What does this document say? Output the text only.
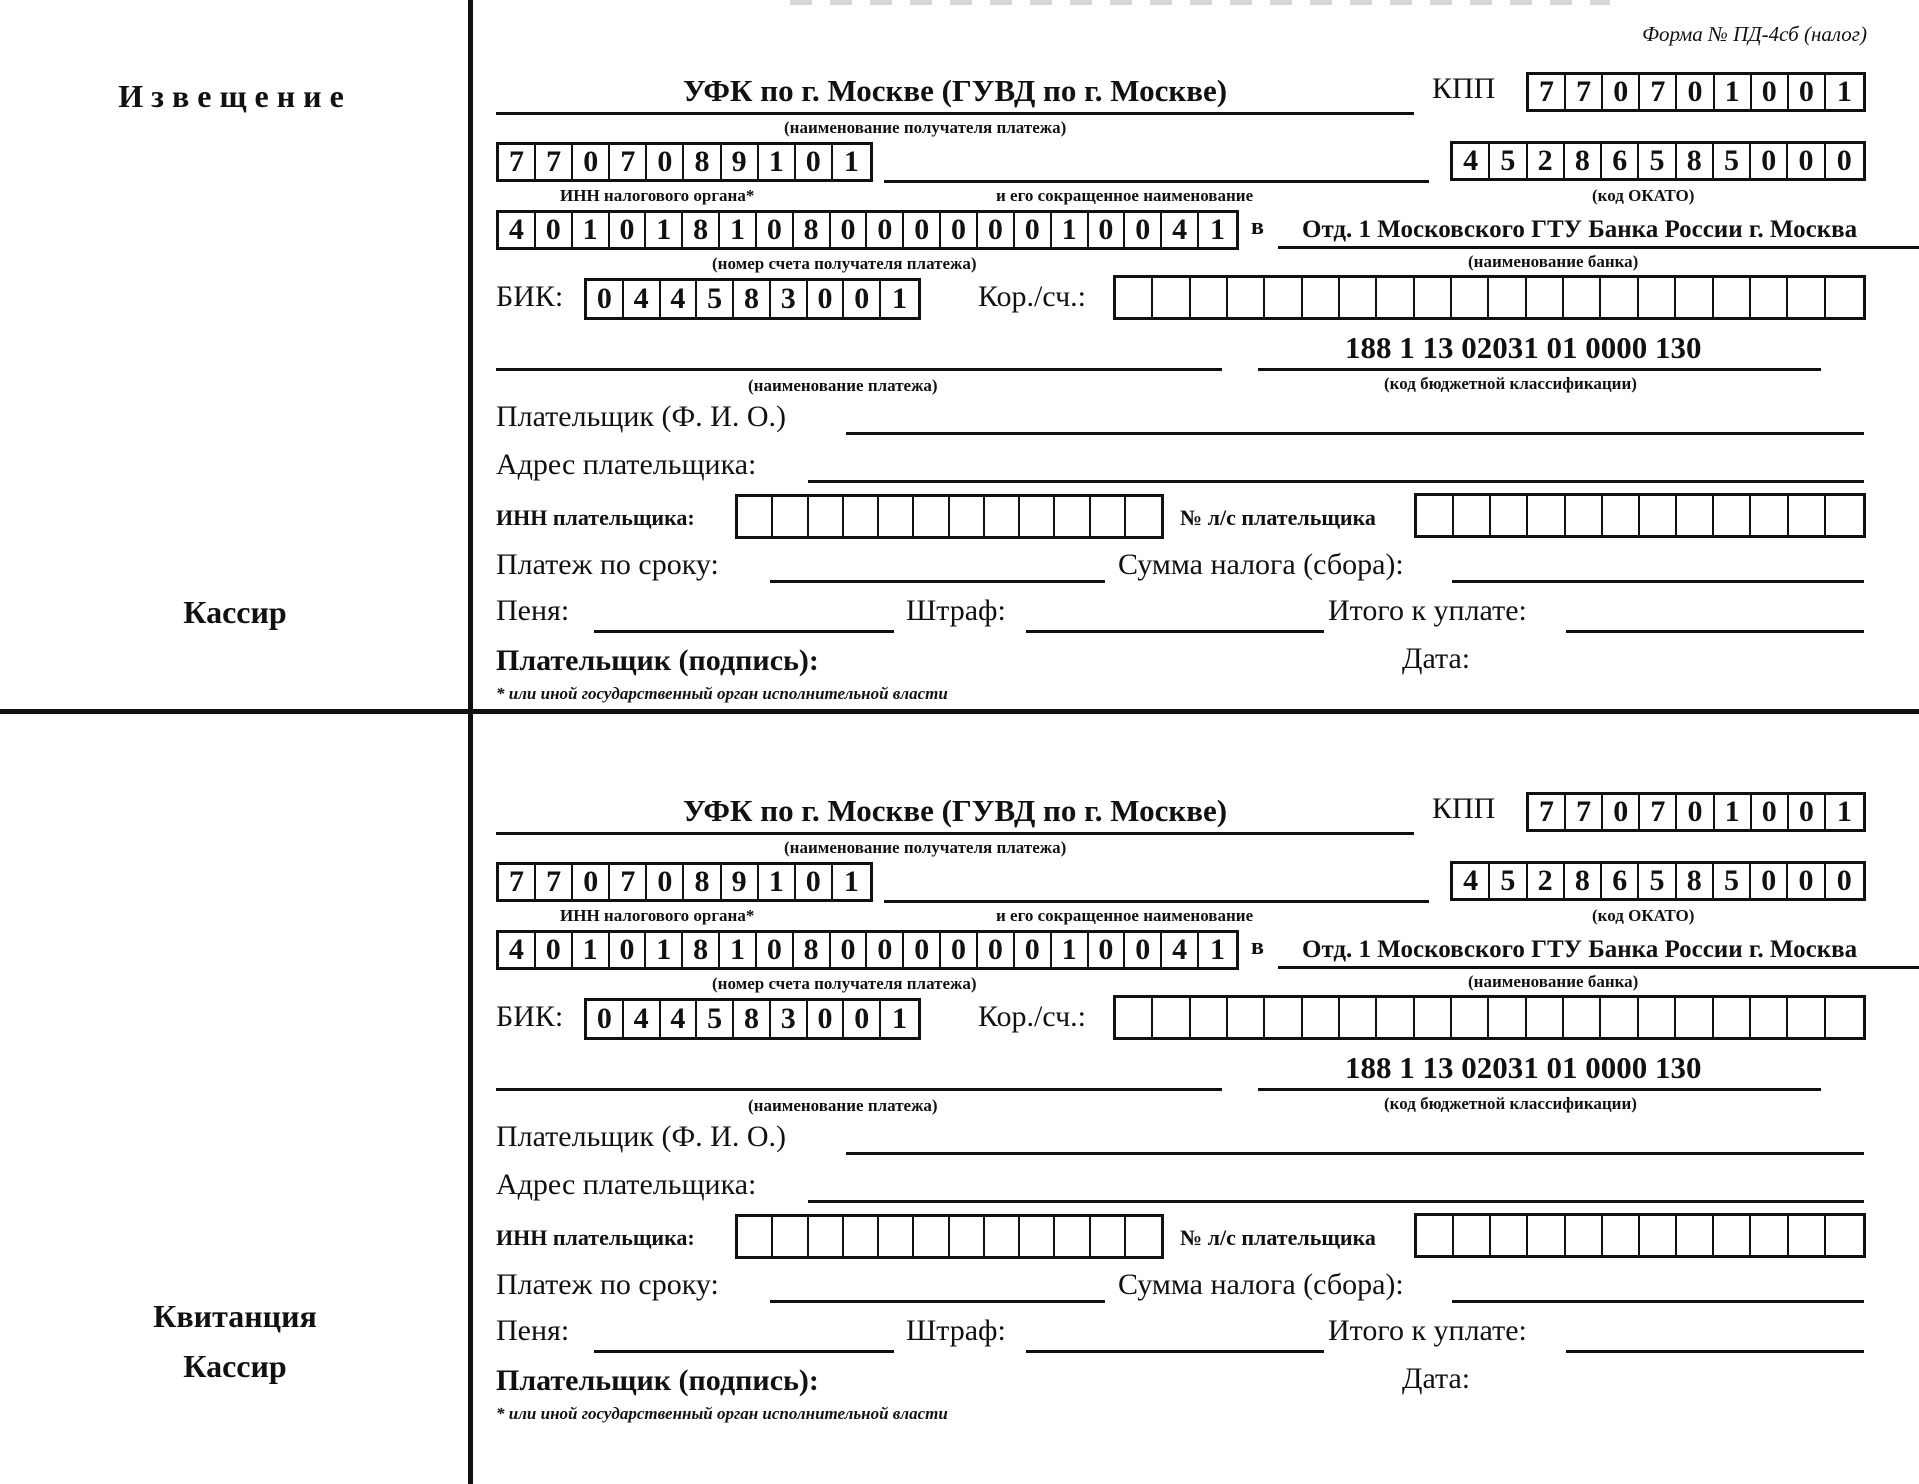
Извещение
Кассир
Квитанция
Кассир
Форма № ПД-4сб (налог)
УФК по г. Москве (ГУВД по г. Москве)	КПП	7 7 0 7 0 1 0 0 1
(наименование получателя платежа)
7 7 0 7 0 8 9 1 0 1	4 5 2 8 6 5 8 5 0 0 0
ИНН налогового органа*	и его сокращенное наименование	(код ОКАТО)
4 0 1 0 1 8 1 0 8 0 0 0 0 0 0 1 0 0 4 1	в Отд. 1 Московского ГТУ Банка России г. Москва
(номер счета получателя платежа)	(наименование банка)
БИК:	0 4 4 5 8 3 0 0 1	Кор./сч.:
188 1 13 02031 01 0000 130
(наименование платежа)	(код бюджетной классификации)
Плательщик (Ф. И. О.)
Адрес плательщика:
ИНН плательщика:	№ л/с плательщика
Платеж по сроку:	Сумма налога (сбора):
Пеня:	Штраф:	Итого к уплате:
Плательщик (подпись):	Дата:
* или иной государственный орган исполнительной власти
УФК по г. Москве (ГУВД по г. Москве)	КПП	7 7 0 7 0 1 0 0 1
(наименование получателя платежа)
7 7 0 7 0 8 9 1 0 1	4 5 2 8 6 5 8 5 0 0 0
ИНН налогового органа*	и его сокращенное наименование	(код ОКАТО)
4 0 1 0 1 8 1 0 8 0 0 0 0 0 0 1 0 0 4 1	в Отд. 1 Московского ГТУ Банка России г. Москва
(номер счета получателя платежа)	(наименование банка)
БИК:	0 4 4 5 8 3 0 0 1	Кор./сч.:
188 1 13 02031 01 0000 130
(наименование платежа)	(код бюджетной классификации)
Плательщик (Ф. И. О.)
Адрес плательщика:
ИНН плательщика:	№ л/с плательщика
Платеж по сроку:	Сумма налога (сбора):
Пеня:	Штраф:	Итого к уплате:
Плательщик (подпись):	Дата:
* или иной государственный орган исполнительной власти
